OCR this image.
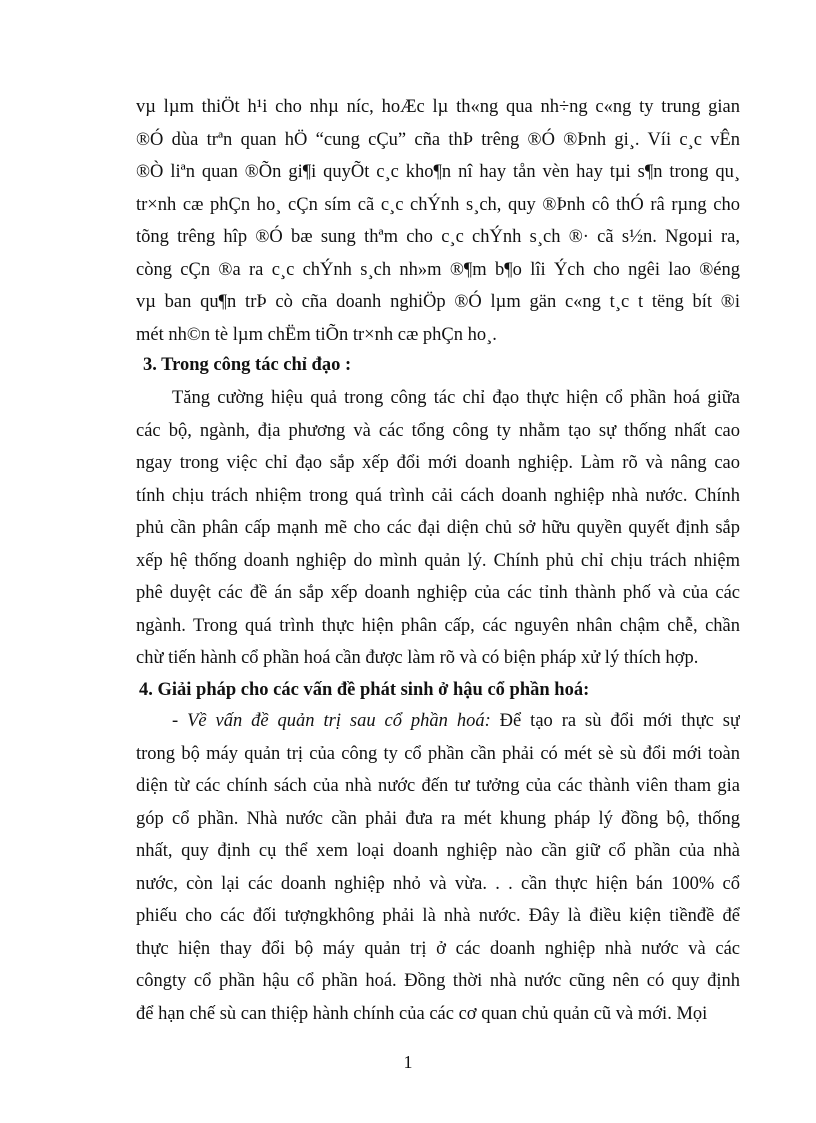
vµ lµm thiÖt h¹i cho nhµ níc, hoÆc lµ th«ng qua nh÷ng c«ng ty trung gian
®Ó dùa trªn quan hÖ “cung cÇu” cña thÞ trêng ®Ó ®Þnh gi¸. Víi c¸c vÊn
®Ò liªn quan ®Õn gi¶i quyÕt c¸c kho¶n nî hay tån vèn hay tµi s¶n trong qu¸
tr×nh cæ phÇn ho¸ cÇn sím cã c¸c chÝnh s¸ch, quy ®Þnh cô thÓ râ rµng cho
tõng trêng hîp ®Ó bæ sung thªm cho c¸c chÝnh s¸ch ®· cã s½n. Ngoµi ra,
còng cÇn ®a ra c¸c chÝnh s¸ch nh»m ®¶m b¶o lîi Ých cho ngêi lao ®éng
vµ ban qu¶n trÞ cò cña doanh nghiÖp ®Ó lµm gän c«ng t¸c t tëng bít ®i
mét nh©n tè lµm chËm tiÕn tr×nh cæ phÇn ho¸.
3. Trong công tác chỉ đạo :
Tăng cường hiệu quả trong công tác chỉ đạo thực hiện cổ phần hoá giữa
các bộ, ngành, địa phương và các tổng công ty nhằm tạo sự thống nhất cao
ngay trong việc chỉ đạo sắp xếp đổi mới doanh nghiệp. Làm rõ và nâng cao
tính chịu trách nhiệm trong quá trình cải cách doanh nghiệp nhà nước. Chính
phủ cần phân cấp mạnh mẽ cho các đại diện chủ sở hữu quyền quyết định sắp
xếp hệ thống doanh nghiệp do mình quản lý. Chính phủ chỉ chịu trách nhiệm
phê duyệt các đề án sắp xếp doanh nghiệp của các tỉnh thành phố và của các
ngành. Trong quá trình thực hiện phân cấp, các nguyên nhân chậm chễ, chần
chừ tiến hành cổ phần hoá cần được làm rõ và có biện pháp xử lý thích hợp.
4. Giải pháp cho các vấn đề phát sinh ở hậu cổ phần hoá:
- Về vấn đề quản trị sau cổ phần hoá: Để tạo ra sù đổi mới thực sự
trong bộ máy quản trị của công ty cổ phần cần phải có mét sè sù đổi mới toàn
diện từ các chính sách của nhà nước đến tư tưởng của các thành viên tham gia
góp cổ phần. Nhà nước cần phải đưa ra mét khung pháp lý đồng bộ, thống
nhất, quy định cụ thể xem loại doanh nghiệp nào cần giữ cổ phần của nhà
nước, còn lại các doanh nghiệp nhỏ và vừa. . . cần thực hiện bán 100% cổ
phiếu cho các đối tượngkhông phải là nhà nước. Đây là điều kiện tiềnđề để
thực hiện thay đổi bộ máy quản trị ở các doanh nghiệp nhà nước và các
côngty cổ phần hậu cổ phần hoá. Đồng thời nhà nước cũng nên có quy định
để hạn chế sù can thiệp hành chính của các cơ quan chủ quản cũ và mới. Mọi
1
